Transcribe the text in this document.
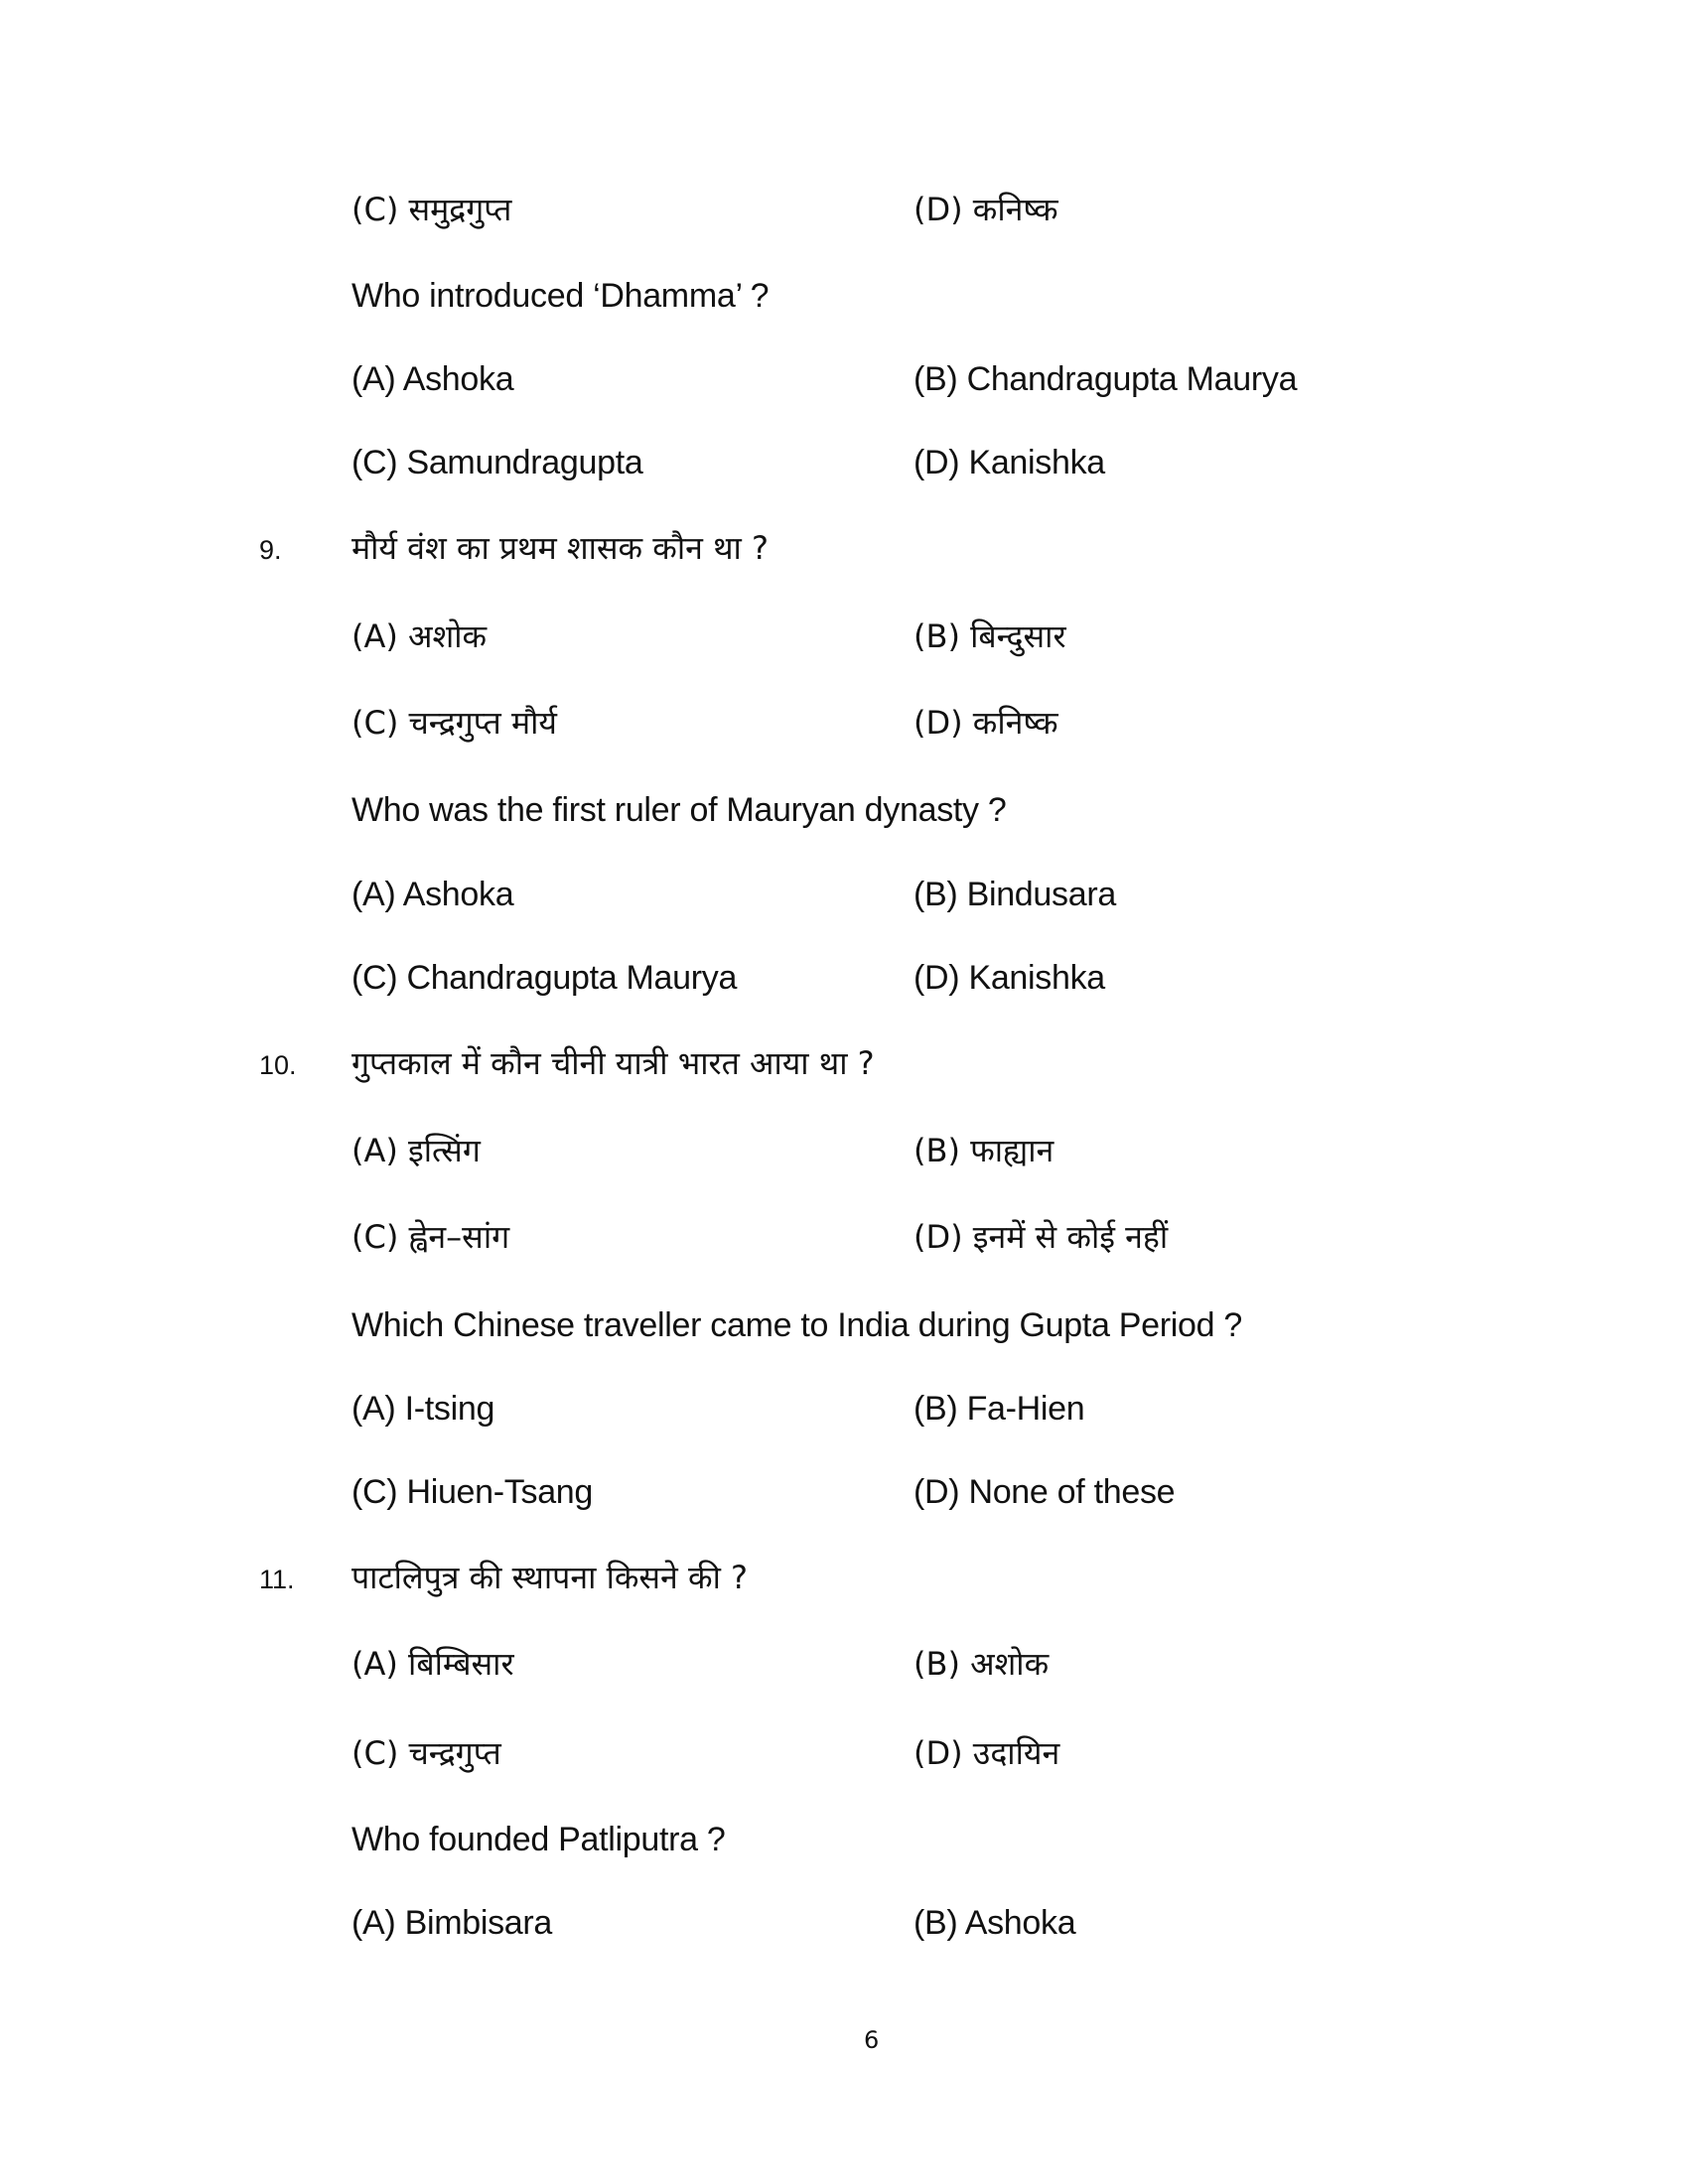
(C) समुद्रगुप्त	(D) कनिष्क
Who introduced ‘Dhamma’ ?
(A) Ashoka	(B) Chandragupta Maurya
(C) Samundragupta	(D) Kanishka
9. मौर्य वंश का प्रथम शासक कौन था ?
(A) अशोक	(B) बिन्दुसार
(C) चन्द्रगुप्त मौर्य	(D) कनिष्क
Who was the first ruler of Mauryan dynasty ?
(A) Ashoka	(B) Bindusara
(C) Chandragupta Maurya	(D) Kanishka
10. गुप्तकाल में कौन चीनी यात्री भारत आया था ?
(A) इत्सिंग	(B) फाह्यान
(C) ह्वेन–सांग	(D) इनमें से कोई नहीं
Which Chinese traveller came to India during Gupta Period ?
(A) I-tsing	(B) Fa-Hien
(C) Hiuen-Tsang	(D) None of these
11. पाटलिपुत्र की स्थापना किसने की ?
(A) बिम्बिसार	(B) अशोक
(C) चन्द्रगुप्त	(D) उदायिन
Who founded Patliputra ?
(A) Bimbisara	(B) Ashoka
6
